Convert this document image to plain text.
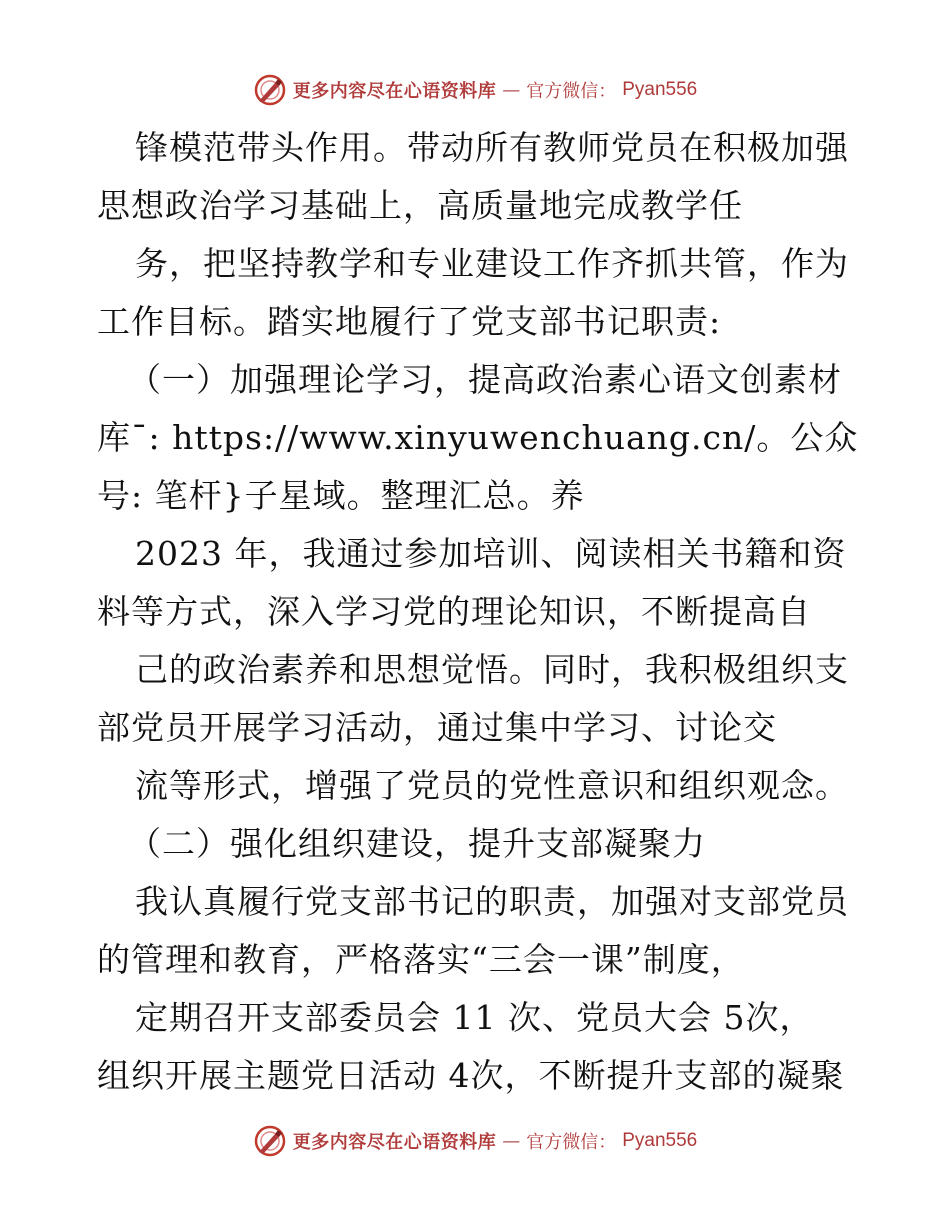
更多内容尽在心语资料库 — 官方微信： Pyan556
锋模范带头作用。带动所有教师党员在积极加强
思想政治学习基础上，高质量地完成教学任
务，把坚持教学和专业建设工作齐抓共管，作为
工作目标。踏实地履行了党支部书记职责:
（一）加强理论学习，提高政治素心语文创素材
库¯: https://www.xinyuwenchuang.cn/。公众
号: 笔杆}子星域。整理汇总。养
2023 年，我通过参加培训、阅读相关书籍和资
料等方式，深入学习党的理论知识，不断提高自
己的政治素养和思想觉悟。同时，我积极组织支
部党员开展学习活动，通过集中学习、讨论交
流等形式，增强了党员的党性意识和组织观念。
（二）强化组织建设，提升支部凝聚力
我认真履行党支部书记的职责，加强对支部党员
的管理和教育，严格落实“三会一课”制度，
定期召开支部委员会 11 次、党员大会 5次，
组织开展主题党日活动 4次，不断提升支部的凝聚
更多内容尽在心语资料库 — 官方微信： Pyan556
